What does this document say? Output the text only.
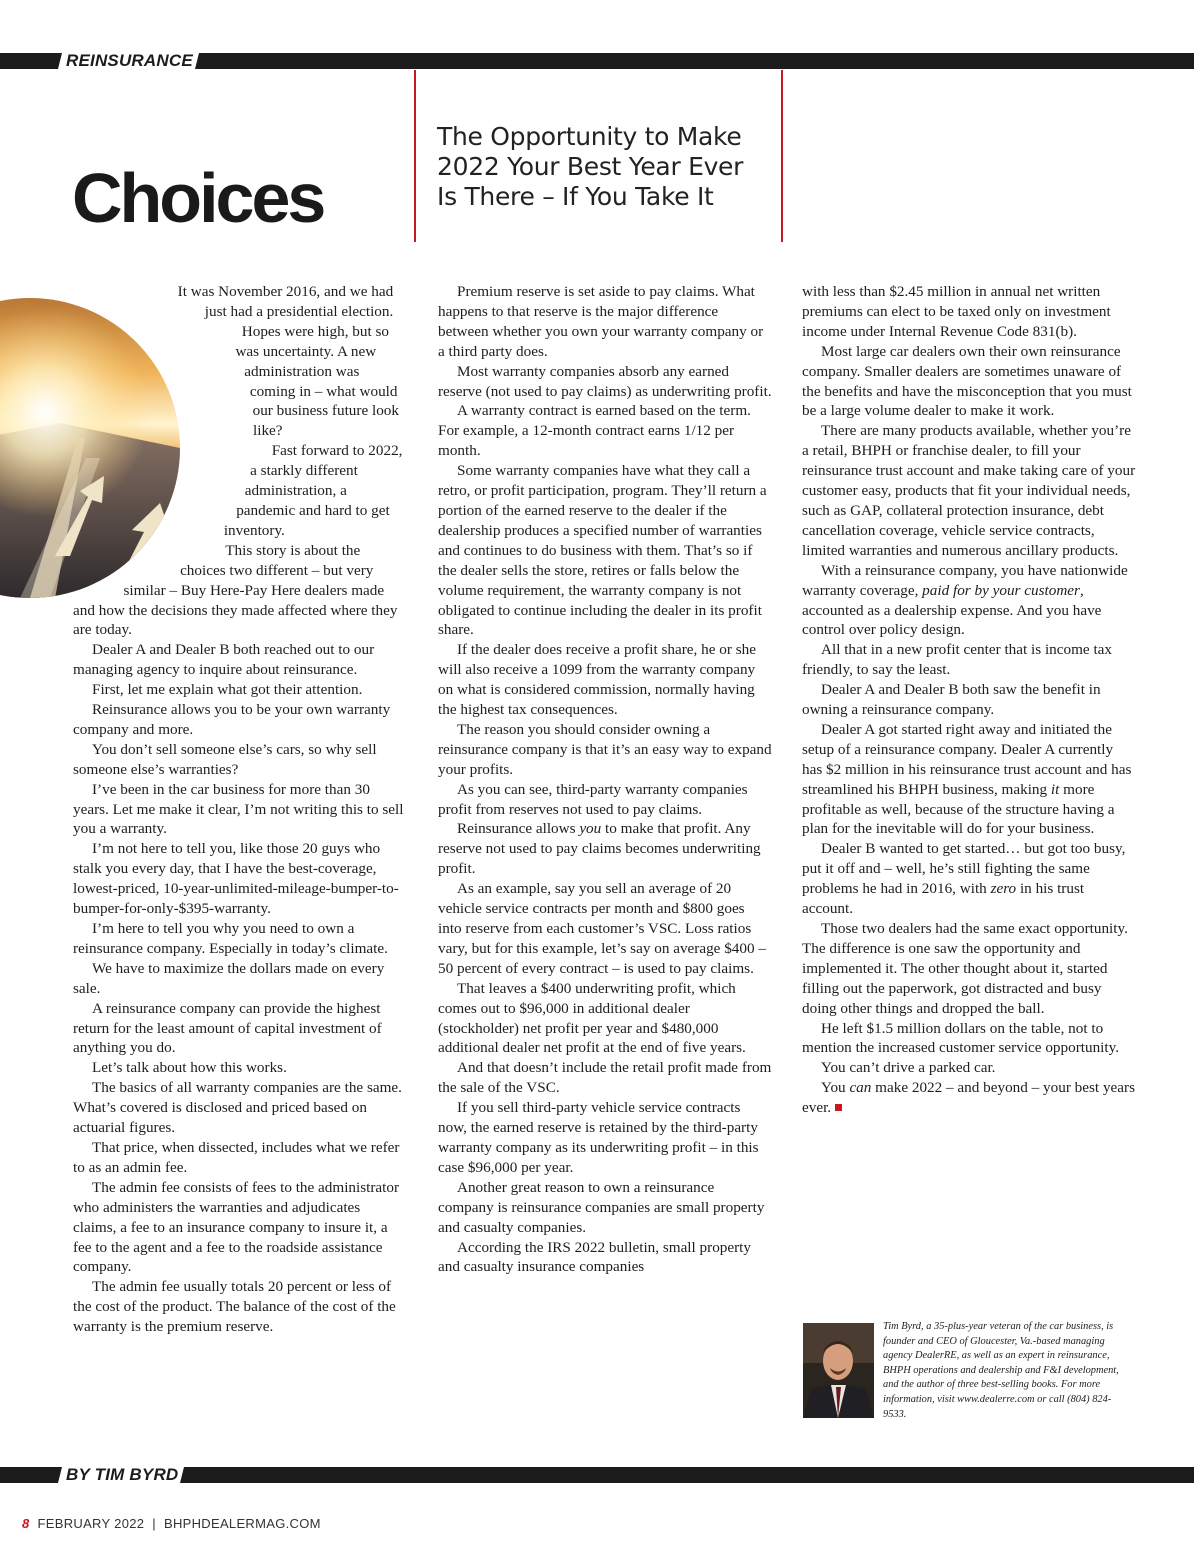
REINSURANCE
Choices
The Opportunity to Make 2022 Your Best Year Ever Is There – If You Take It

It was November 2016, and we had just had a presidential election.

Hopes were high, but so was uncertainty. A new administration was coming in – what would our business future look like?

Fast forward to 2022, a starkly different administration, a pandemic and hard to get inventory.

This story is about the choices two different – but very similar – Buy Here-Pay Here dealers made and how the decisions they made affected where they are today.

Dealer A and Dealer B both reached out to our managing agency to inquire about reinsurance.

First, let me explain what got their attention.

Reinsurance allows you to be your own warranty company and more.

You don’t sell someone else’s cars, so why sell someone else’s warranties?

I’ve been in the car business for more than 30 years. Let me make it clear, I’m not writing this to sell you a warranty.

I’m not here to tell you, like those 20 guys who stalk you every day, that I have the best-coverage, lowest-priced, 10-year-unlimited-mileage-bumper-to-bumper-for-only-$395-warranty.

I’m here to tell you why you need to own a reinsurance company. Especially in today’s climate.

We have to maximize the dollars made on every sale.

A reinsurance company can provide the highest return for the least amount of capital investment of anything you do.

Let’s talk about how this works.

The basics of all warranty companies are the same. What’s covered is disclosed and priced based on actuarial figures.

That price, when dissected, includes what we refer to as an admin fee.

The admin fee consists of fees to the administrator who administers the warranties and adjudicates claims, a fee to an insurance company to insure it, a fee to the agent and a fee to the roadside assistance company.

The admin fee usually totals 20 percent or less of the cost of the product. The balance of the cost of the warranty is the premium reserve.

Premium reserve is set aside to pay claims. What happens to that reserve is the major difference between whether you own your warranty company or a third party does.

Most warranty companies absorb any earned reserve (not used to pay claims) as underwriting profit.

A warranty contract is earned based on the term. For example, a 12-month contract earns 1/12 per month.

Some warranty companies have what they call a retro, or profit participation, program. They’ll return a portion of the earned reserve to the dealer if the dealership produces a specified number of warranties and continues to do business with them. That’s so if the dealer sells the store, retires or falls below the volume requirement, the warranty company is not obligated to continue including the dealer in its profit share.

If the dealer does receive a profit share, he or she will also receive a 1099 from the warranty company on what is considered commission, normally having the highest tax consequences.

The reason you should consider owning a reinsurance company is that it’s an easy way to expand your profits.

As you can see, third-party warranty companies profit from reserves not used to pay claims.

Reinsurance allows you to make that profit. Any reserve not used to pay claims becomes underwriting profit.

As an example, say you sell an average of 20 vehicle service contracts per month and $800 goes into reserve from each customer’s VSC. Loss ratios vary, but for this example, let’s say on average $400 – 50 percent of every contract – is used to pay claims.

That leaves a $400 underwriting profit, which comes out to $96,000 in additional dealer (stockholder) net profit per year and $480,000 additional dealer net profit at the end of five years.

And that doesn’t include the retail profit made from the sale of the VSC.

If you sell third-party vehicle service contracts now, the earned reserve is retained by the third-party warranty company as its underwriting profit – in this case $96,000 per year.

Another great reason to own a reinsurance company is reinsurance companies are small property and casualty companies.

According the IRS 2022 bulletin, small property and casualty insurance companies

with less than $2.45 million in annual net written premiums can elect to be taxed only on investment income under Internal Revenue Code 831(b).

Most large car dealers own their own reinsurance company. Smaller dealers are sometimes unaware of the benefits and have the misconception that you must be a large volume dealer to make it work.

There are many products available, whether you’re a retail, BHPH or franchise dealer, to fill your reinsurance trust account and make taking care of your customer easy, products that fit your individual needs, such as GAP, collateral protection insurance, debt cancellation coverage, vehicle service contracts, limited warranties and numerous ancillary products.

With a reinsurance company, you have nationwide warranty coverage, paid for by your customer, accounted as a dealership expense. And you have control over policy design.

All that in a new profit center that is income tax friendly, to say the least.

Dealer A and Dealer B both saw the benefit in owning a reinsurance company.

Dealer A got started right away and initiated the setup of a reinsurance company. Dealer A currently has $2 million in his reinsurance trust account and has streamlined his BHPH business, making it more profitable as well, because of the structure having a plan for the inevitable will do for your business.

Dealer B wanted to get started… but got too busy, put it off and – well, he’s still fighting the same problems he had in 2016, with zero in his trust account.

Those two dealers had the same exact opportunity. The difference is one saw the opportunity and implemented it. The other thought about it, started filling out the paperwork, got distracted and busy doing other things and dropped the ball.

He left $1.5 million dollars on the table, not to mention the increased customer service opportunity.

You can’t drive a parked car.

You can make 2022 – and beyond – your best years ever.

Tim Byrd, a 35-plus-year veteran of the car business, is founder and CEO of Gloucester, Va.-based managing agency DealerRE, as well as an expert in reinsurance, BHPH operations and dealership and F&I development, and the author of three best-selling books. For more information, visit www.dealerre.com or call (804) 824-9533.

BY TIM BYRD
8 FEBRUARY 2022 | BHPHDEALERMAG.COM
